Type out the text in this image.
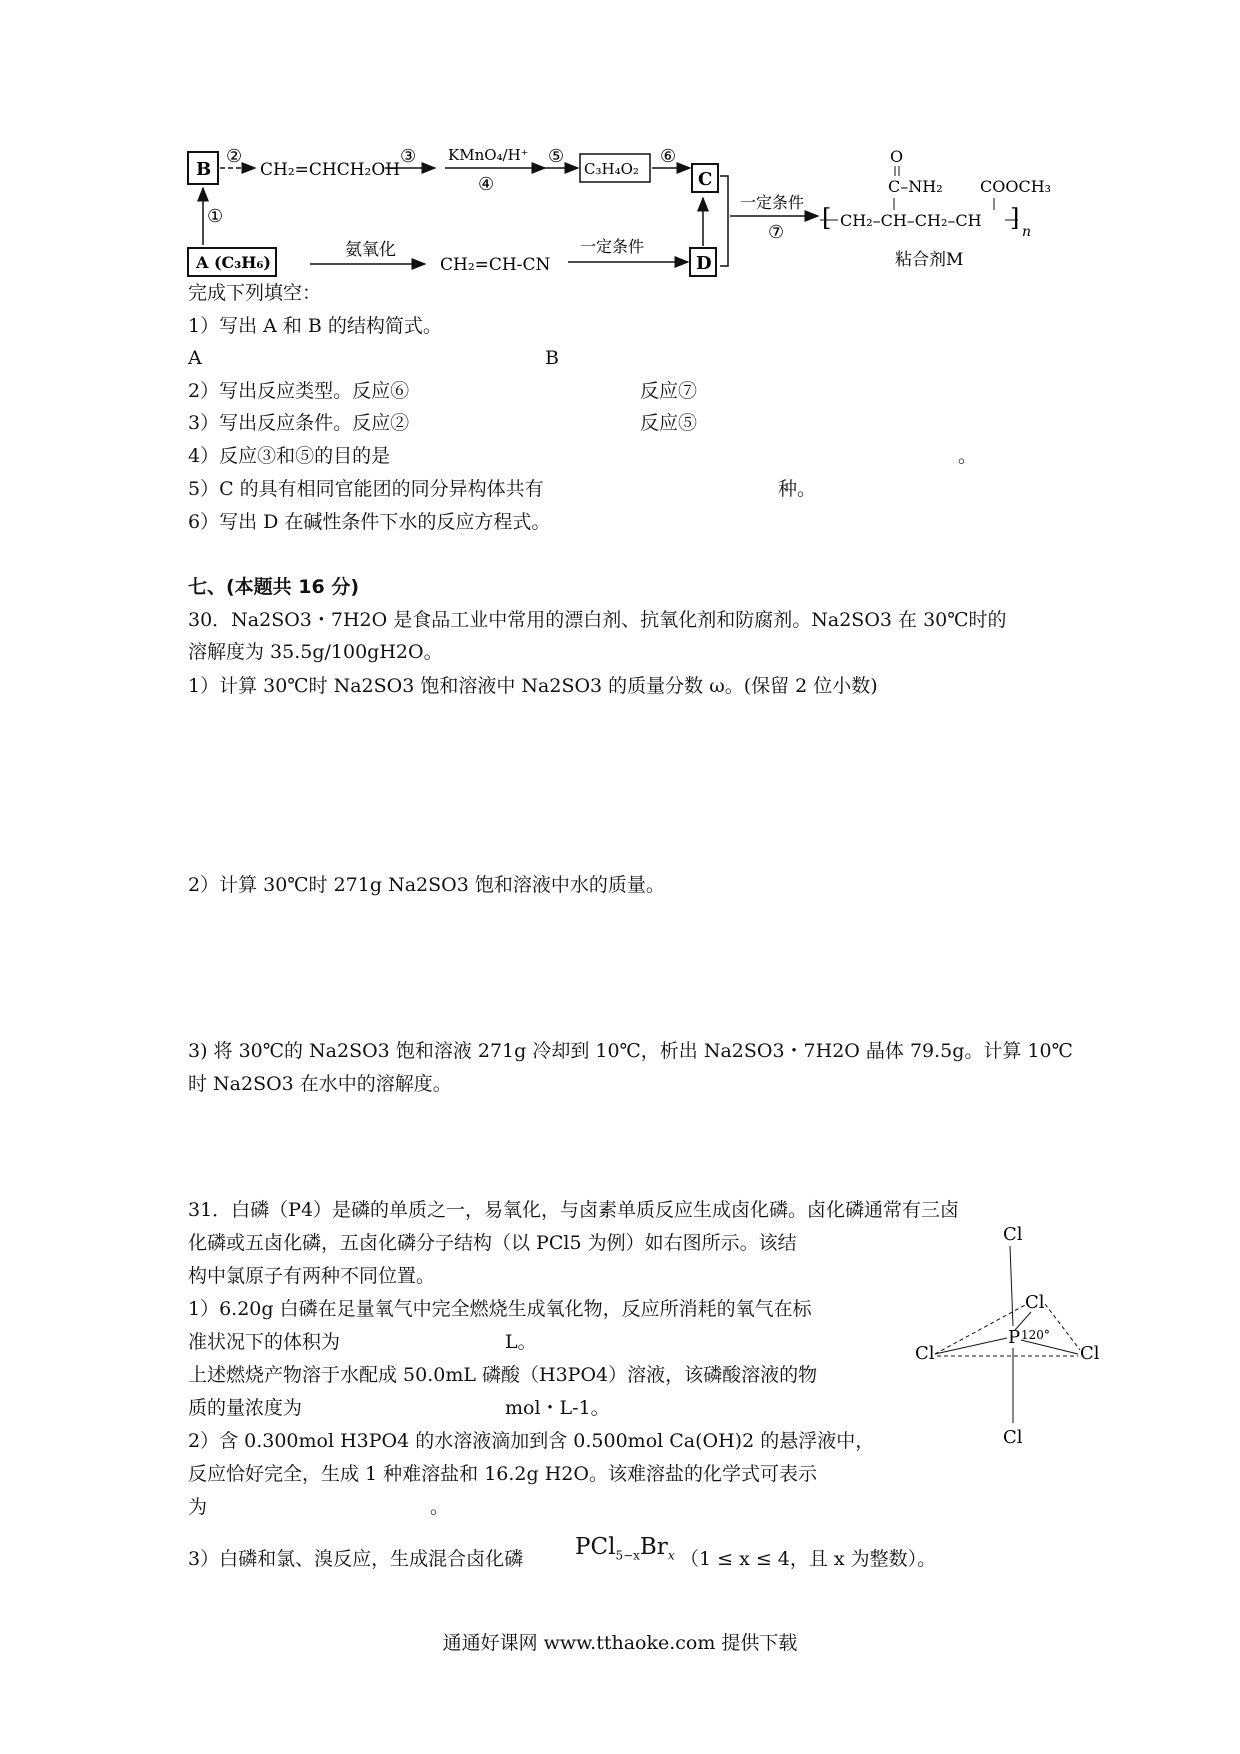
B
②
CH₂=CHCH₂OH
③ KMnO₄/H⁺
④
⑤
C₃H₄O₂
⑥
C
①
A (C₃H₆)
氨氧化
CH₂=CH-CN
一定条件
D
一定条件
⑦
O
C–NH₂ COOCH₃
[ CH₂–CH–CH₂–CH ] n
粘合剂M
完成下列填空：
1）写出 A 和 B 的结构简式。
A	B
2）写出反应类型。反应⑥	反应⑦
3）写出反应条件。反应②	反应⑤
4）反应③和⑤的目的是	。
5）C 的具有相同官能团的同分异构体共有	种。
6）写出 D 在碱性条件下水的反应方程式。
七、(本题共 16 分)
30．Na2SO3・7H2O 是食品工业中常用的漂白剂、抗氧化剂和防腐剂。Na2SO3 在 30℃时的
溶解度为 35.5g/100gH2O。
1）计算 30℃时 Na2SO3 饱和溶液中 Na2SO3 的质量分数 ω。(保留 2 位小数)
2）计算 30℃时 271g Na2SO3 饱和溶液中水的质量。
3) 将 30℃的 Na2SO3 饱和溶液 271g 冷却到 10℃，析出 Na2SO3・7H2O 晶体 79.5g。计算 10℃
时 Na2SO3 在水中的溶解度。
31．白磷（P4）是磷的单质之一，易氧化，与卤素单质反应生成卤化磷。卤化磷通常有三卤
化磷或五卤化磷，五卤化磷分子结构（以 PCl5 为例）如右图所示。该结
构中氯原子有两种不同位置。
1）6.20g 白磷在足量氧气中完全燃烧生成氧化物，反应所消耗的氧气在标
准状况下的体积为	L。
上述燃烧产物溶于水配成 50.0mL 磷酸（H3PO4）溶液，该磷酸溶液的物
质的量浓度为	mol・L-1。
2）含 0.300mol H3PO4 的水溶液滴加到含 0.500mol Ca(OH)2 的悬浮液中，
反应恰好完全，生成 1 种难溶盐和 16.2g H2O。该难溶盐的化学式可表示
为	。
3）白磷和氯、溴反应，生成混合卤化磷 $PCl_{5-x}Br_x$ （1 ≤ x ≤ 4，且 x 为整数）。
Cl
Cl
P 120°
Cl	Cl
Cl
通通好课网 www.tthaoke.com 提供下载
